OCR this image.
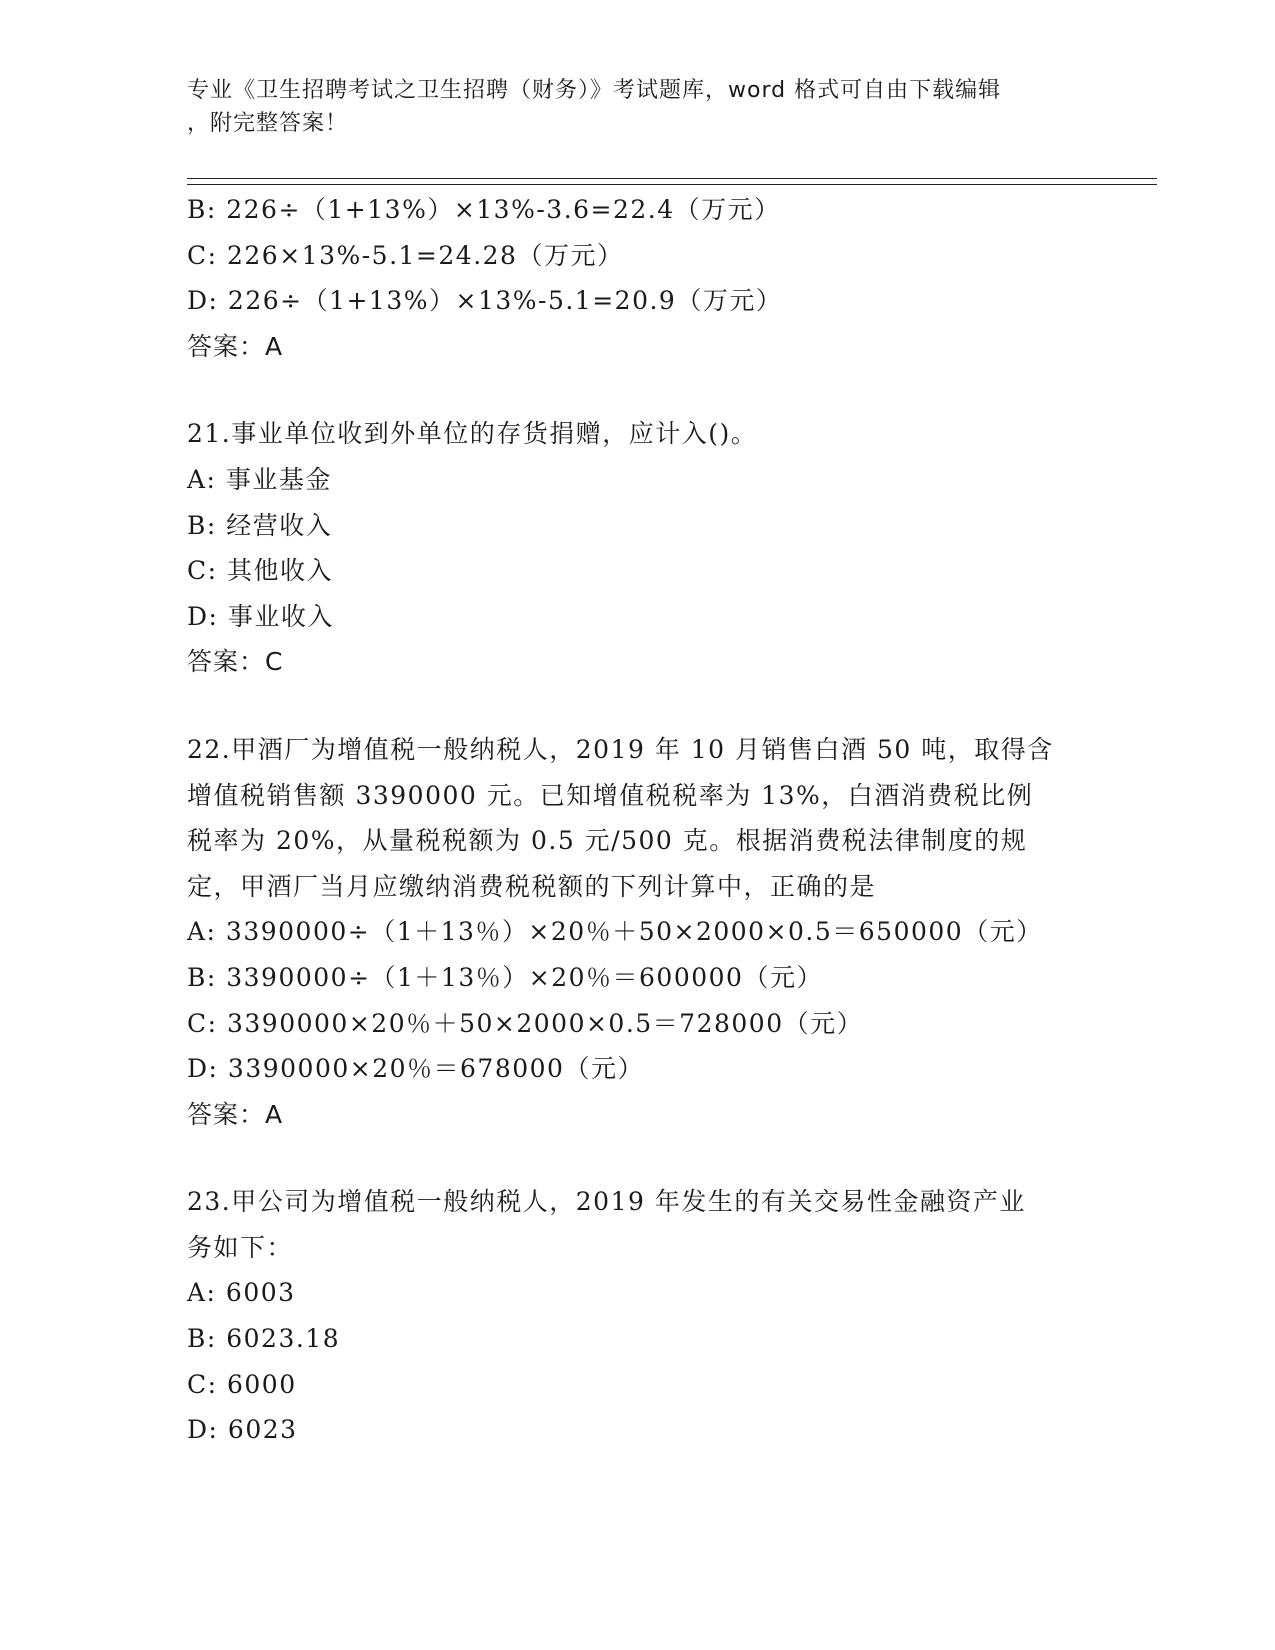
专业《卫生招聘考试之卫生招聘（财务）》考试题库，word 格式可自由下载编辑
，附完整答案！
B: 226÷（1+13%）×13%-3.6=22.4（万元）
C: 226×13%-5.1=24.28（万元）
D: 226÷（1+13%）×13%-5.1=20.9（万元）
答案：A
21.事业单位收到外单位的存货捐赠，应计入()。
A: 事业基金
B: 经营收入
C: 其他收入
D: 事业收入
答案：C
22.甲酒厂为增值税一般纳税人，2019 年 10 月销售白酒 50 吨，取得含
增值税销售额 3390000 元。已知增值税税率为 13%，白酒消费税比例
税率为 20%，从量税税额为 0.5 元/500 克。根据消费税法律制度的规
定，甲酒厂当月应缴纳消费税税额的下列计算中，正确的是
A: 3390000÷（1＋13％）×20％＋50×2000×0.5＝650000（元）
B: 3390000÷（1＋13％）×20％＝600000（元）
C: 3390000×20％＋50×2000×0.5＝728000（元）
D: 3390000×20％＝678000（元）
答案：A
23.甲公司为增值税一般纳税人，2019 年发生的有关交易性金融资产业
务如下：
A: 6003
B: 6023.18
C: 6000
D: 6023
